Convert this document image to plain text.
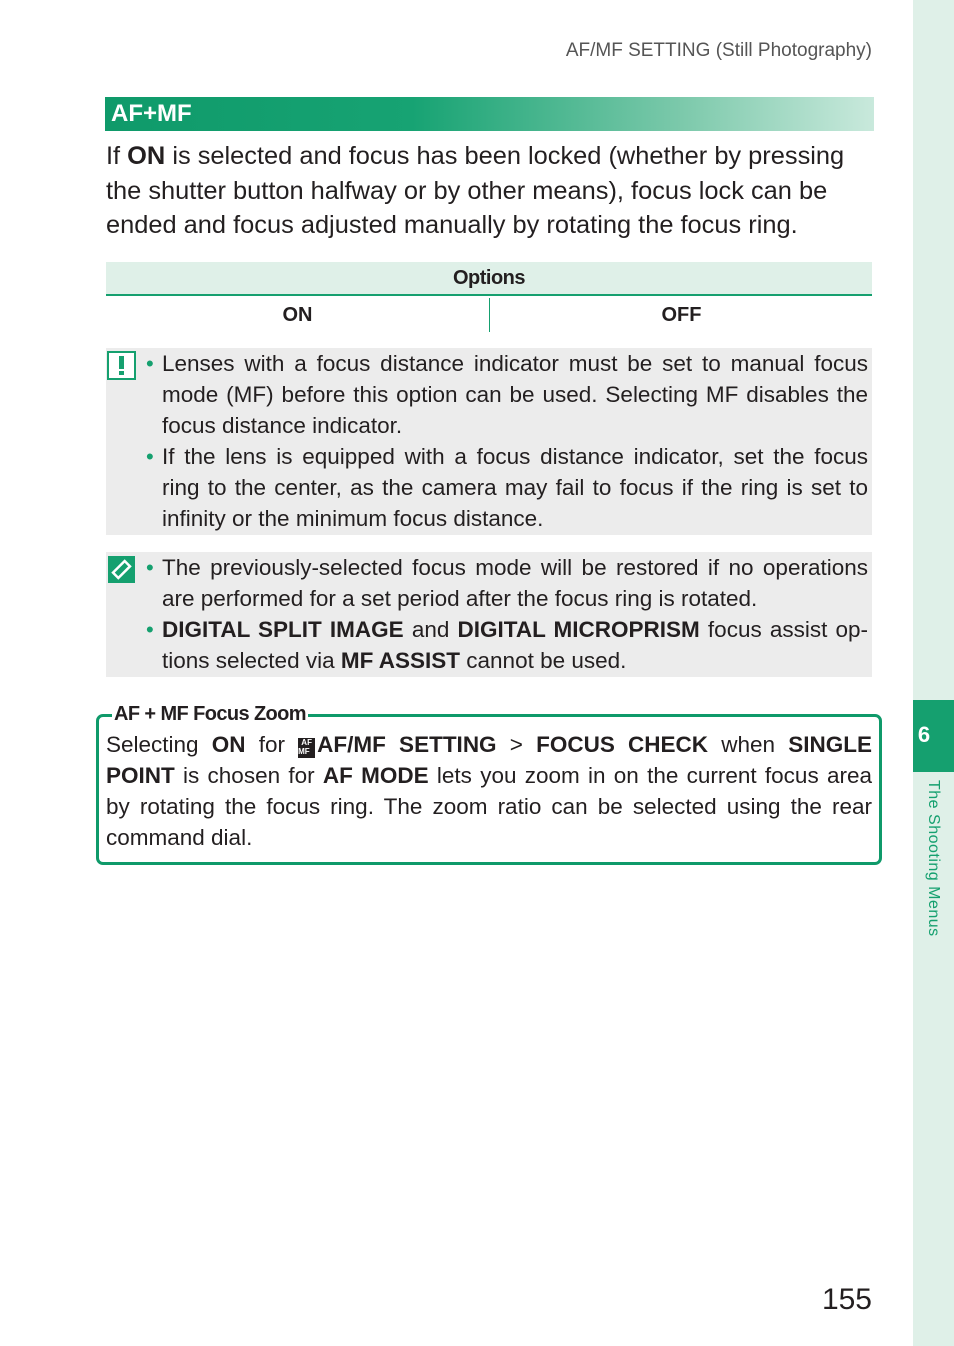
6
The Shooting Menus
AF/MF SETTING (Still Photography)
AF+MF
If ON is selected and focus has been locked (whether by pressing the shutter button halfway or by other means), focus lock can be ended and focus adjusted manually by rotating the focus ring.
Options
ON	OFF
• Lenses with a focus distance indicator must be set to manual focus mode (MF) before this option can be used. Selecting MF disables the focus distance indicator.
• If the lens is equipped with a focus distance indicator, set the focus ring to the center, as the camera may fail to focus if the ring is set to infinity or the minimum focus distance.
• The previously-selected focus mode will be restored if no operations are performed for a set period after the focus ring is rotated.
• DIGITAL SPLIT IMAGE and DIGITAL MICROPRISM focus assist options selected via MF ASSIST cannot be used.
AF + MF Focus Zoom
Selecting ON for AF MF AF/MF SETTING > FOCUS CHECK when SINGLE POINT is chosen for AF MODE lets you zoom in on the current focus area by rotating the focus ring. The zoom ratio can be selected using the rear command dial.
155
